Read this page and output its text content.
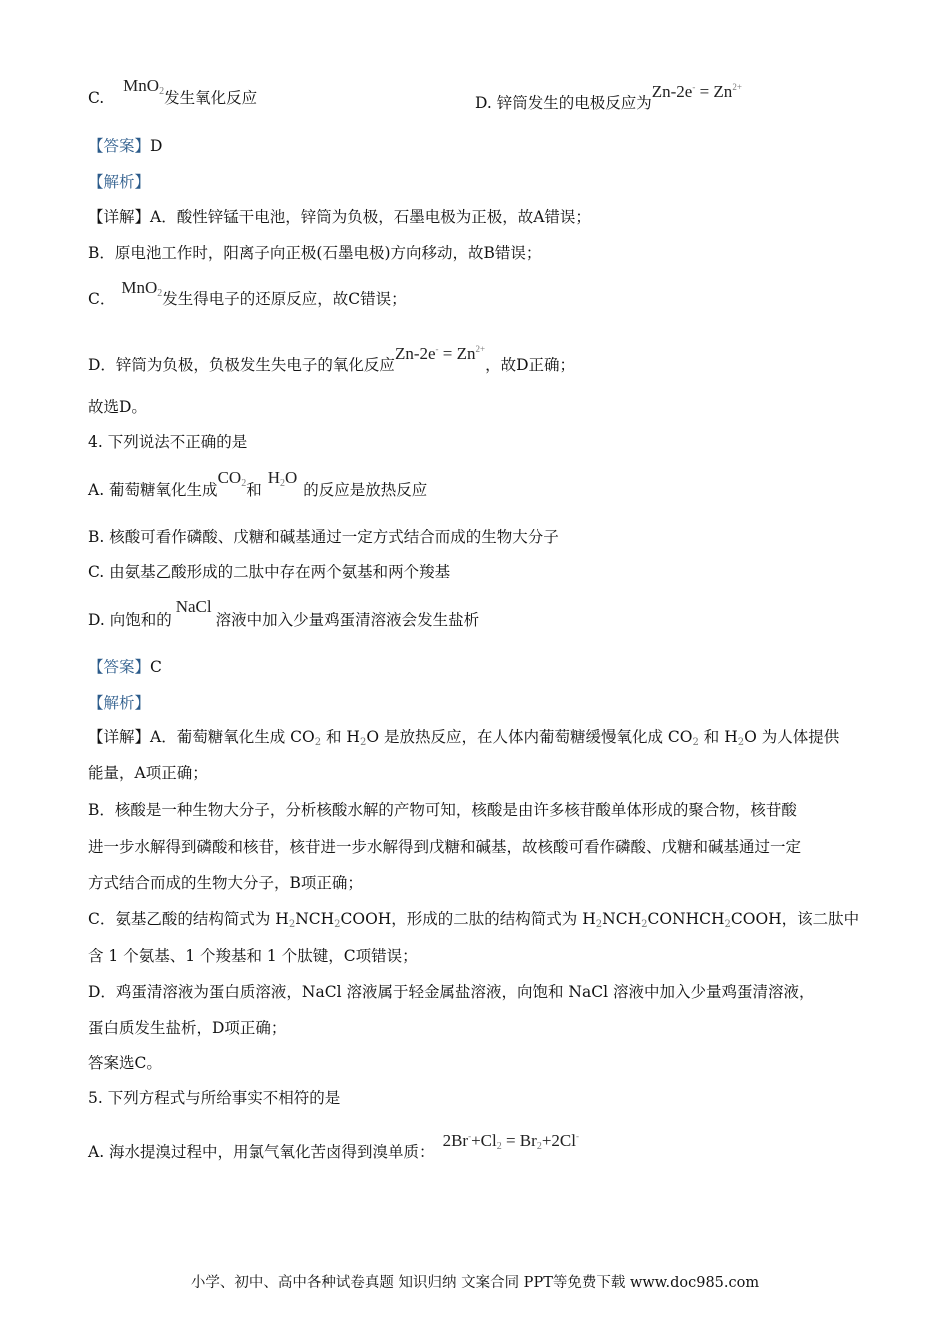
C. MnO$_2$发生氧化反应	D. 锌筒发生的电极反应为$Zn-2e^- = Zn^{2+}$
【答案】D
【解析】
【详解】A．酸性锌锰干电池，锌筒为负极，石墨电极为正极，故A错误；
B．原电池工作时，阳离子向正极(石墨电极)方向移动，故B错误；
C．MnO$_2$发生得电子的还原反应，故C错误；
D．锌筒为负极，负极发生失电子的氧化反应$Zn-2e^- = Zn^{2+}$，故D正确；
故选D。
4. 下列说法不正确的是
A. 葡萄糖氧化生成$CO_2$和$H_2O$的反应是放热反应
B. 核酸可看作磷酸、戊糖和碱基通过一定方式结合而成的生物大分子
C. 由氨基乙酸形成的二肽中存在两个氨基和两个羧基
D. 向饱和的NaCl溶液中加入少量鸡蛋清溶液会发生盐析
【答案】C
【解析】
【详解】A．葡萄糖氧化生成 $CO_2$ 和 $H_2O$ 是放热反应，在人体内葡萄糖缓慢氧化成 $CO_2$ 和 $H_2O$ 为人体提供
能量，A项正确；
B．核酸是一种生物大分子，分析核酸水解的产物可知，核酸是由许多核苷酸单体形成的聚合物，核苷酸
进一步水解得到磷酸和核苷，核苷进一步水解得到戊糖和碱基，故核酸可看作磷酸、戊糖和碱基通过一定
方式结合而成的生物大分子，B项正确；
C．氨基乙酸的结构简式为 $H_2NCH_2COOH$，形成的二肽的结构简式为 $H_2NCH_2CONHCH_2COOH$，该二肽中
含 1 个氨基、1 个羧基和 1 个肽键，C项错误；
D．鸡蛋清溶液为蛋白质溶液，NaCl 溶液属于轻金属盐溶液，向饱和 NaCl 溶液中加入少量鸡蛋清溶液，
蛋白质发生盐析，D项正确；
答案选C。
5. 下列方程式与所给事实不相符的是
A. 海水提溴过程中，用氯气氧化苦卤得到溴单质：$2Br^-+Cl_2 = Br_2+2Cl^-$
小学、初中、高中各种试卷真题 知识归纳 文案合同 PPT等免费下载 www.doc985.com
